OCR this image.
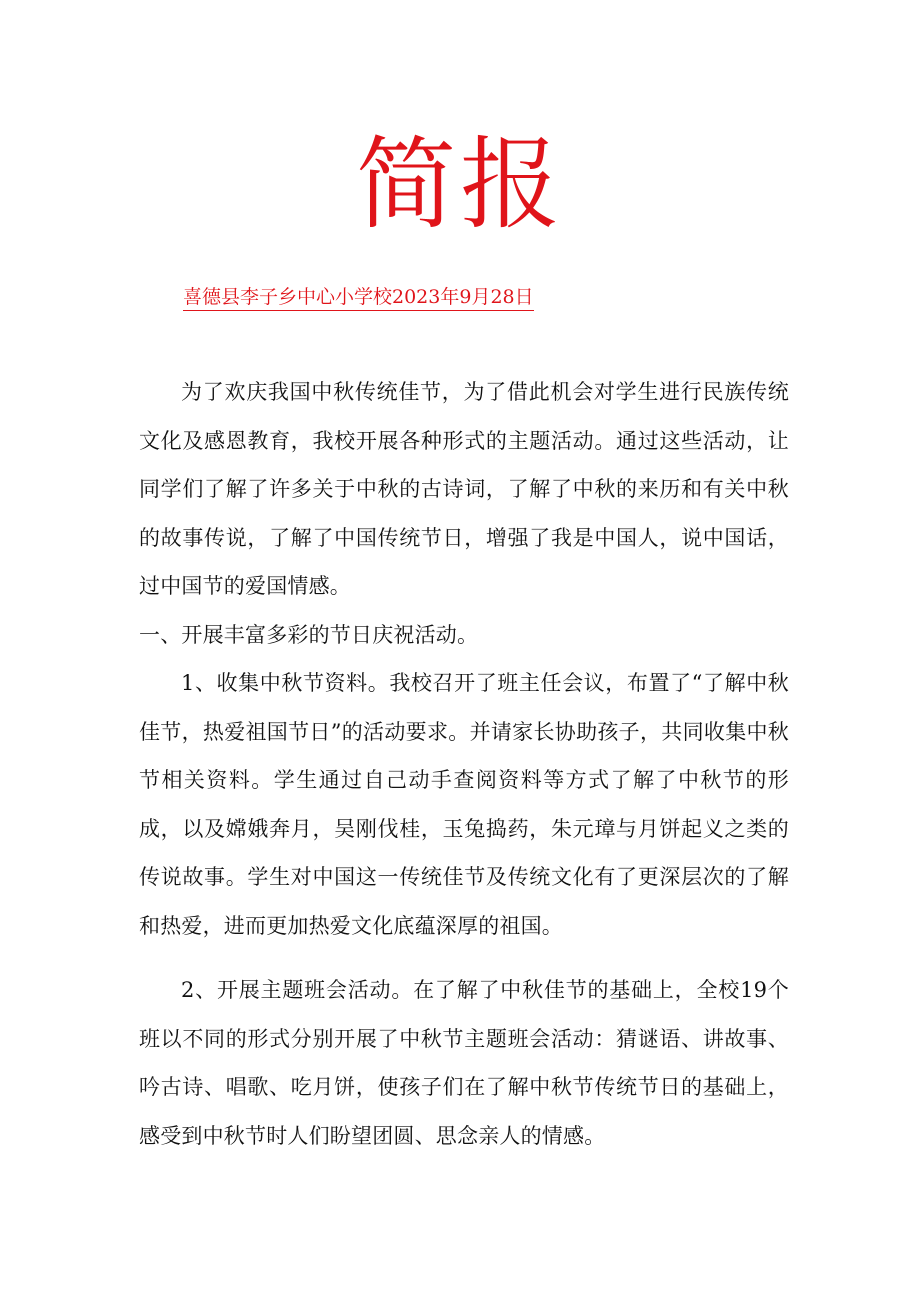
简报
喜德县李子乡中心小学校2023年9月28日

为了欢庆我国中秋传统佳节，为了借此机会对学生进行民族传统文化及感恩教育，我校开展各种形式的主题活动。通过这些活动，让同学们了解了许多关于中秋的古诗词，了解了中秋的来历和有关中秋的故事传说，了解了中国传统节日，增强了我是中国人，说中国话，过中国节的爱国情感。

一、开展丰富多彩的节日庆祝活动。

1、收集中秋节资料。我校召开了班主任会议，布置了“了解中秋佳节，热爱祖国节日”的活动要求。并请家长协助孩子，共同收集中秋节相关资料。学生通过自己动手查阅资料等方式了解了中秋节的形成，以及嫦娥奔月，吴刚伐桂，玉兔捣药，朱元璋与月饼起义之类的传说故事。学生对中国这一传统佳节及传统文化有了更深层次的了解和热爱，进而更加热爱文化底蕴深厚的祖国。

2、开展主题班会活动。在了解了中秋佳节的基础上，全校19个班以不同的形式分别开展了中秋节主题班会活动：猜谜语、讲故事、吟古诗、唱歌、吃月饼，使孩子们在了解中秋节传统节日的基础上，感受到中秋节时人们盼望团圆、思念亲人的情感。
